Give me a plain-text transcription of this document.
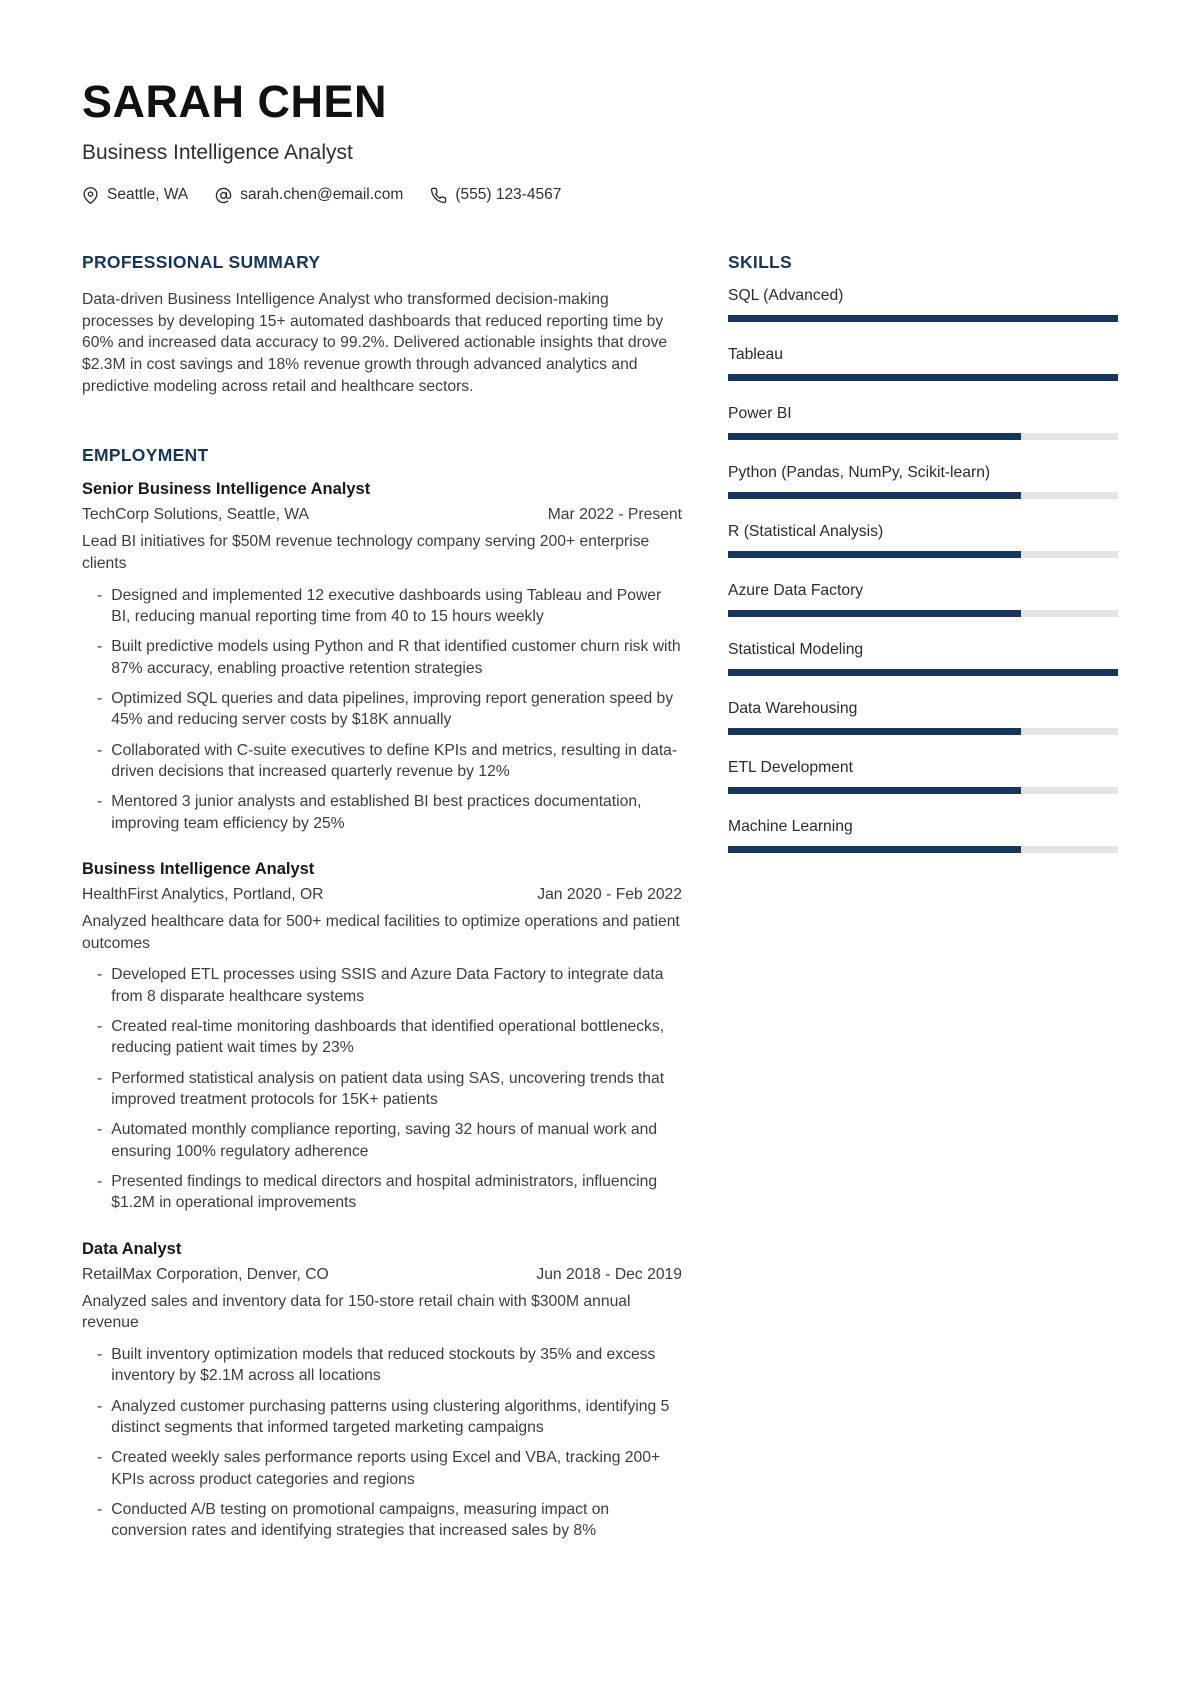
SARAH CHEN
Business Intelligence Analyst
Seattle, WA	sarah.chen@email.com	(555) 123-4567
PROFESSIONAL SUMMARY

Data-driven Business Intelligence Analyst who transformed decision-making processes by developing 15+ automated dashboards that reduced reporting time by 60% and increased data accuracy to 99.2%. Delivered actionable insights that drove $2.3M in cost savings and 18% revenue growth through advanced analytics and predictive modeling across retail and healthcare sectors.

EMPLOYMENT
Senior Business Intelligence Analyst
TechCorp Solutions, Seattle, WA	Mar 2022 - Present
Lead BI initiatives for $50M revenue technology company serving 200+ enterprise clients
- Designed and implemented 12 executive dashboards using Tableau and Power BI, reducing manual reporting time from 40 to 15 hours weekly
- Built predictive models using Python and R that identified customer churn risk with 87% accuracy, enabling proactive retention strategies
- Optimized SQL queries and data pipelines, improving report generation speed by 45% and reducing server costs by $18K annually
- Collaborated with C-suite executives to define KPIs and metrics, resulting in data-driven decisions that increased quarterly revenue by 12%
- Mentored 3 junior analysts and established BI best practices documentation, improving team efficiency by 25%
Business Intelligence Analyst
HealthFirst Analytics, Portland, OR	Jan 2020 - Feb 2022
Analyzed healthcare data for 500+ medical facilities to optimize operations and patient outcomes
- Developed ETL processes using SSIS and Azure Data Factory to integrate data from 8 disparate healthcare systems
- Created real-time monitoring dashboards that identified operational bottlenecks, reducing patient wait times by 23%
- Performed statistical analysis on patient data using SAS, uncovering trends that improved treatment protocols for 15K+ patients
- Automated monthly compliance reporting, saving 32 hours of manual work and ensuring 100% regulatory adherence
- Presented findings to medical directors and hospital administrators, influencing $1.2M in operational improvements
Data Analyst
RetailMax Corporation, Denver, CO	Jun 2018 - Dec 2019
Analyzed sales and inventory data for 150-store retail chain with $300M annual revenue
- Built inventory optimization models that reduced stockouts by 35% and excess inventory by $2.1M across all locations
- Analyzed customer purchasing patterns using clustering algorithms, identifying 5 distinct segments that informed targeted marketing campaigns
- Created weekly sales performance reports using Excel and VBA, tracking 200+ KPIs across product categories and regions
- Conducted A/B testing on promotional campaigns, measuring impact on conversion rates and identifying strategies that increased sales by 8%
SKILLS
SQL (Advanced)
Tableau
Power BI
Python (Pandas, NumPy, Scikit-learn)
R (Statistical Analysis)
Azure Data Factory
Statistical Modeling
Data Warehousing
ETL Development
Machine Learning
